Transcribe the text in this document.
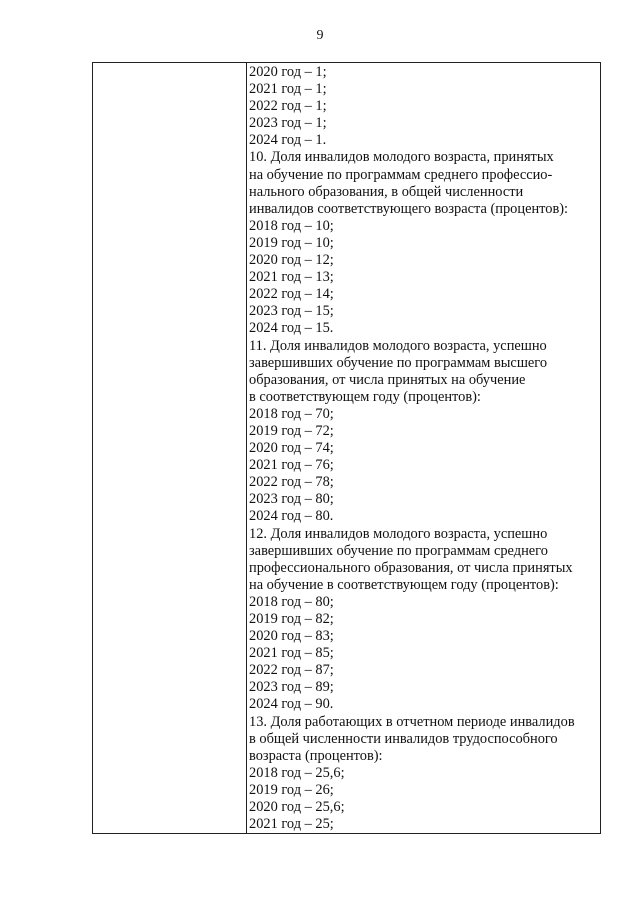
9
2020 год – 1;
2021 год – 1;
2022 год – 1;
2023 год – 1;
2024 год – 1.
10. Доля инвалидов молодого возраста, принятых
на обучение по программам среднего профессио-
нального образования, в общей численности
инвалидов соответствующего возраста (процентов):
2018 год – 10;
2019 год – 10;
2020 год – 12;
2021 год – 13;
2022 год – 14;
2023 год – 15;
2024 год – 15.
11. Доля инвалидов молодого возраста, успешно
завершивших обучение по программам высшего
образования, от числа принятых на обучение
в соответствующем году (процентов):
2018 год – 70;
2019 год – 72;
2020 год – 74;
2021 год – 76;
2022 год – 78;
2023 год – 80;
2024 год – 80.
12. Доля инвалидов молодого возраста, успешно
завершивших обучение по программам среднего
профессионального образования, от числа принятых
на обучение в соответствующем году (процентов):
2018 год – 80;
2019 год – 82;
2020 год – 83;
2021 год – 85;
2022 год – 87;
2023 год – 89;
2024 год – 90.
13. Доля работающих в отчетном периоде инвалидов
в общей численности инвалидов трудоспособного
возраста (процентов):
2018 год – 25,6;
2019 год – 26;
2020 год – 25,6;
2021 год – 25;
